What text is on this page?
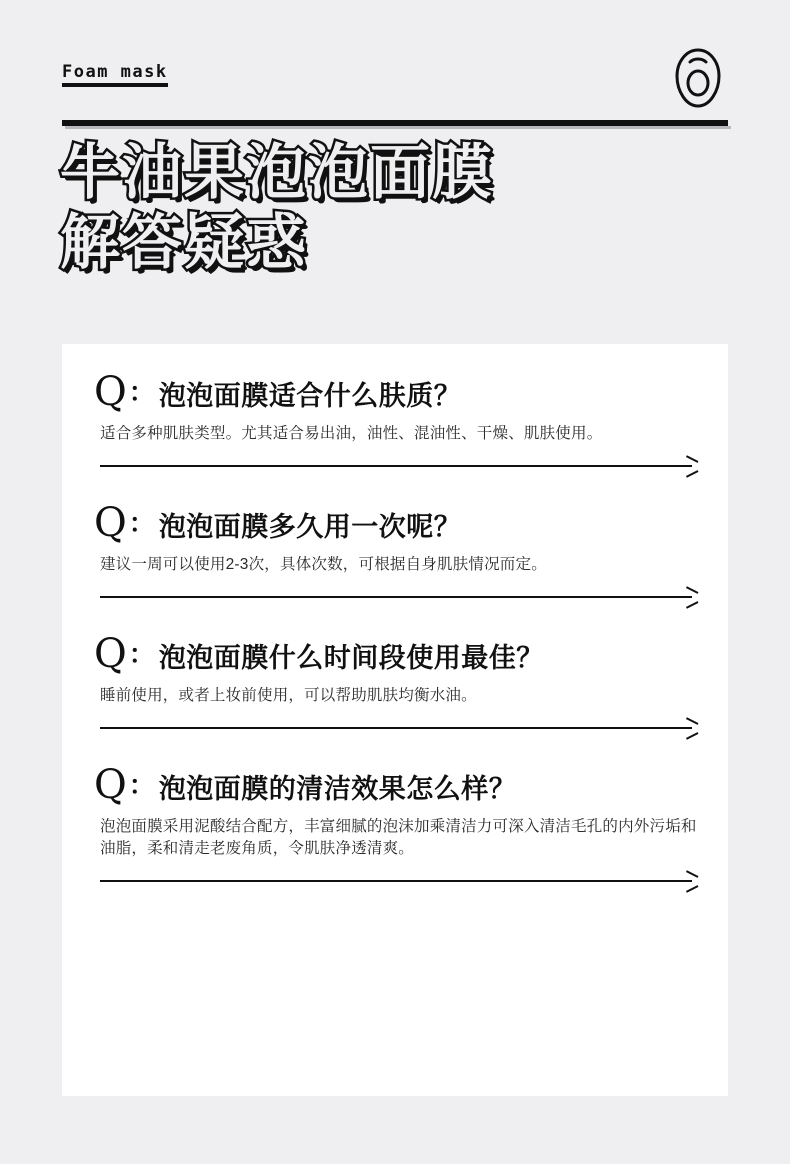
Foam mask
牛油果泡泡面膜
解答疑惑
Q ： 泡泡面膜适合什么肤质？
适合多种肌肤类型。尤其适合易出油，油性、混油性、干燥、肌肤使用。
Q ： 泡泡面膜多久用一次呢？
建议一周可以使用2-3次，具体次数，可根据自身肌肤情况而定。
Q ： 泡泡面膜什么时间段使用最佳？
睡前使用，或者上妆前使用，可以帮助肌肤均衡水油。
Q ： 泡泡面膜的清洁效果怎么样？
泡泡面膜采用泥酸结合配方，丰富细腻的泡沫加乘清洁力可深入清洁毛孔的内外污垢和油脂，柔和清走老废角质，令肌肤净透清爽。
